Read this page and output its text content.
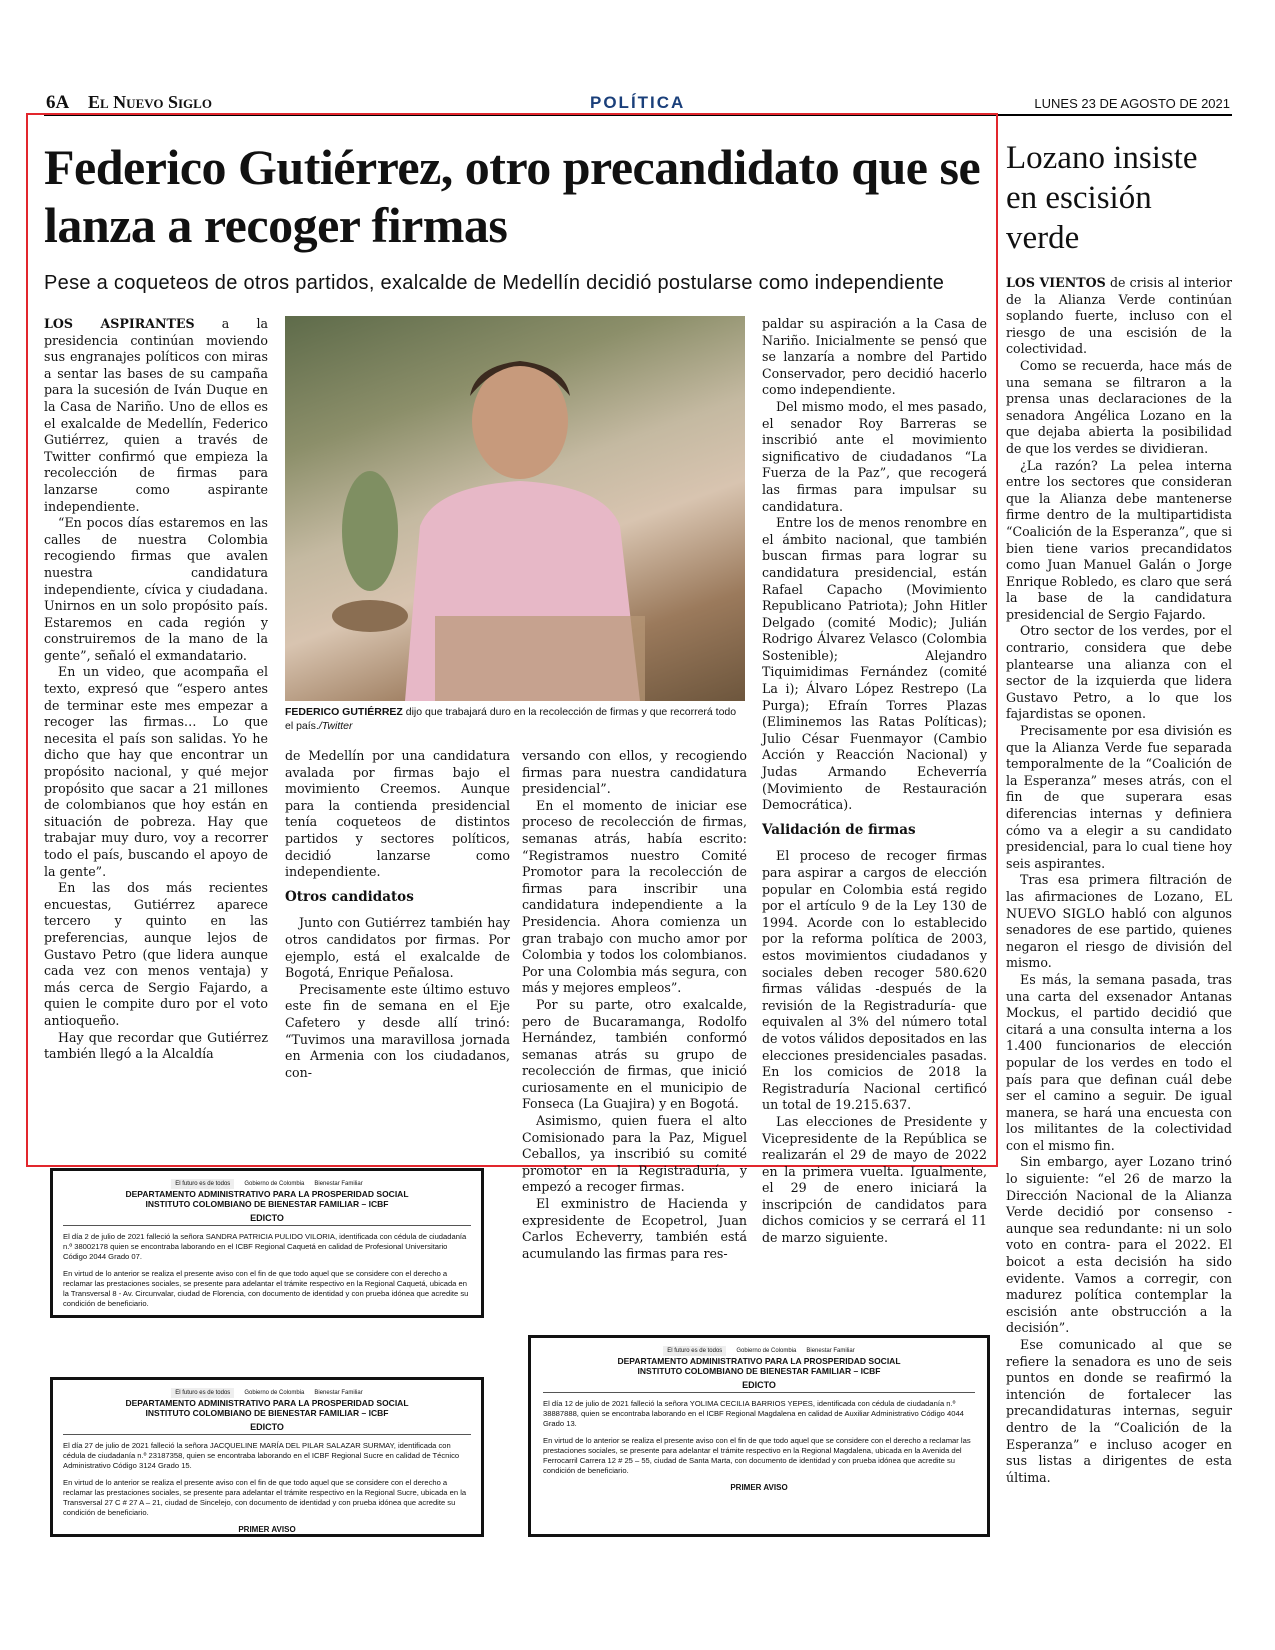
6A El Nuevo Siglo	POLÍTICA	LUNES 23 DE AGOSTO DE 2021
Federico Gutiérrez, otro precandidato que se lanza a recoger firmas
Pese a coqueteos de otros partidos, exalcalde de Medellín decidió postularse como independiente

LOS ASPIRANTES a la presidencia continúan moviendo sus engranajes políticos con miras a sentar las bases de su campaña para la sucesión de Iván Duque en la Casa de Nariño. Uno de ellos es el exalcalde de Medellín, Federico Gutiérrez, quien a través de Twitter confirmó que empieza la recolección de firmas para lanzarse como aspirante independiente.

“En pocos días estaremos en las calles de nuestra Colombia recogiendo firmas que avalen nuestra candidatura independiente, cívica y ciudadana. Unirnos en un solo propósito país. Estaremos en cada región y construiremos de la mano de la gente”, señaló el exmandatario.

En un video, que acompaña el texto, expresó que “espero antes de terminar este mes empezar a recoger las firmas… Lo que necesita el país son salidas. Yo he dicho que hay que encontrar un propósito nacional, y qué mejor propósito que sacar a 21 millones de colombianos que hoy están en situación de pobreza. Hay que trabajar muy duro, voy a recorrer todo el país, buscando el apoyo de la gente”.

En las dos más recientes encuestas, Gutiérrez aparece tercero y quinto en las preferencias, aunque lejos de Gustavo Petro (que lidera aunque cada vez con menos ventaja) y más cerca de Sergio Fajardo, a quien le compite duro por el voto antioqueño.

Hay que recordar que Gutiérrez también llegó a la Alcaldía

FEDERICO GUTIÉRREZ dijo que trabajará duro en la recolección de firmas y que recorrerá todo el país./Twitter

de Medellín por una candidatura avalada por firmas bajo el movimiento Creemos. Aunque para la contienda presidencial tenía coqueteos de distintos partidos y sectores políticos, decidió lanzarse como independiente.

Otros candidatos

Junto con Gutiérrez también hay otros candidatos por firmas. Por ejemplo, está el exalcalde de Bogotá, Enrique Peñalosa.

Precisamente este último estuvo este fin de semana en el Eje Cafetero y desde allí trinó: “Tuvimos una maravillosa jornada en Armenia con los ciudadanos, con-

versando con ellos, y recogiendo firmas para nuestra candidatura presidencial”.

En el momento de iniciar ese proceso de recolección de firmas, semanas atrás, había escrito: “Registramos nuestro Comité Promotor para la recolección de firmas para inscribir una candidatura independiente a la Presidencia. Ahora comienza un gran trabajo con mucho amor por Colombia y todos los colombianos. Por una Colombia más segura, con más y mejores empleos”.

Por su parte, otro exalcalde, pero de Bucaramanga, Rodolfo Hernández, también conformó semanas atrás su grupo de recolección de firmas, que inició curiosamente en el municipio de Fonseca (La Guajira) y en Bogotá.

Asimismo, quien fuera el alto Comisionado para la Paz, Miguel Ceballos, ya inscribió su comité promotor en la Registraduría, y empezó a recoger firmas.

El exministro de Hacienda y expresidente de Ecopetrol, Juan Carlos Echeverry, también está acumulando las firmas para res-

paldar su aspiración a la Casa de Nariño. Inicialmente se pensó que se lanzaría a nombre del Partido Conservador, pero decidió hacerlo como independiente.

Del mismo modo, el mes pasado, el senador Roy Barreras se inscribió ante el movimiento significativo de ciudadanos “La Fuerza de la Paz”, que recogerá las firmas para impulsar su candidatura.

Entre los de menos renombre en el ámbito nacional, que también buscan firmas para lograr su candidatura presidencial, están Rafael Capacho (Movimiento Republicano Patriota); John Hitler Delgado (comité Modic); Julián Rodrigo Álvarez Velasco (Colombia Sostenible); Alejandro Tiquimidimas Fernández (comité La i); Álvaro López Restrepo (La Purga); Efraín Torres Plazas (Eliminemos las Ratas Políticas); Julio César Fuenmayor (Cambio Acción y Reacción Nacional) y Judas Armando Echeverría (Movimiento de Restauración Democrática).

Validación de firmas

El proceso de recoger firmas para aspirar a cargos de elección popular en Colombia está regido por el artículo 9 de la Ley 130 de 1994. Acorde con lo establecido por la reforma política de 2003, estos movimientos ciudadanos y sociales deben recoger 580.620 firmas válidas -después de la revisión de la Registraduría- que equivalen al 3% del número total de votos válidos depositados en las elecciones presidenciales pasadas. En los comicios de 2018 la Registraduría Nacional certificó un total de 19.215.637.

Las elecciones de Presidente y Vicepresidente de la República se realizarán el 29 de mayo de 2022 en la primera vuelta. Igualmente, el 29 de enero iniciará la inscripción de candidatos para dichos comicios y se cerrará el 11 de marzo siguiente.

Lozano insiste en escisión verde

LOS VIENTOS de crisis al interior de la Alianza Verde continúan soplando fuerte, incluso con el riesgo de una escisión de la colectividad.

Como se recuerda, hace más de una semana se filtraron a la prensa unas declaraciones de la senadora Angélica Lozano en la que dejaba abierta la posibilidad de que los verdes se dividieran.

¿La razón? La pelea interna entre los sectores que consideran que la Alianza debe mantenerse firme dentro de la multipartidista “Coalición de la Esperanza”, que si bien tiene varios precandidatos como Juan Manuel Galán o Jorge Enrique Robledo, es claro que será la base de la candidatura presidencial de Sergio Fajardo.

Otro sector de los verdes, por el contrario, considera que debe plantearse una alianza con el sector de la izquierda que lidera Gustavo Petro, a lo que los fajardistas se oponen.

Precisamente por esa división es que la Alianza Verde fue separada temporalmente de la “Coalición de la Esperanza” meses atrás, con el fin de que superara esas diferencias internas y definiera cómo va a elegir a su candidato presidencial, para lo cual tiene hoy seis aspirantes.

Tras esa primera filtración de las afirmaciones de Lozano, EL NUEVO SIGLO habló con algunos senadores de ese partido, quienes negaron el riesgo de división del mismo.

Es más, la semana pasada, tras una carta del exsenador Antanas Mockus, el partido decidió que citará a una consulta interna a los 1.400 funcionarios de elección popular de los verdes en todo el país para que definan cuál debe ser el camino a seguir. De igual manera, se hará una encuesta con los militantes de la colectividad con el mismo fin.

Sin embargo, ayer Lozano trinó lo siguiente: “el 26 de marzo la Dirección Nacional de la Alianza Verde decidió por consenso -aunque sea redundante: ni un solo voto en contra- para el 2022. El boicot a esta decisión ha sido evidente. Vamos a corregir, con madurez política contemplar la escisión ante obstrucción a la decisión”.

Ese comunicado al que se refiere la senadora es uno de seis puntos en donde se reafirmó la intención de fortalecer las precandidaturas internas, seguir dentro de la “Coalición de la Esperanza” e incluso acoger en sus listas a dirigentes de esta última.

El futuro es de todos	Gobierno de Colombia Bienestar Familiar
DEPARTAMENTO ADMINISTRATIVO PARA LA PROSPERIDAD SOCIAL
INSTITUTO COLOMBIANO DE BIENESTAR FAMILIAR – ICBF
EDICTO

El día 2 de julio de 2021 falleció la señora SANDRA PATRICIA PULIDO VILORIA, identificada con cédula de ciudadanía n.º 38002178 quien se encontraba laborando en el ICBF Regional Caquetá en calidad de Profesional Universitario Código 2044 Grado 07.

En virtud de lo anterior se realiza el presente aviso con el fin de que todo aquel que se considere con el derecho a reclamar las prestaciones sociales, se presente para adelantar el trámite respectivo en la Regional Caquetá, ubicada en la Transversal 8 - Av. Circunvalar, ciudad de Florencia, con documento de identidad y con prueba idónea que acredite su condición de beneficiario.

El futuro es de todos	Gobierno de Colombia Bienestar Familiar
DEPARTAMENTO ADMINISTRATIVO PARA LA PROSPERIDAD SOCIAL
INSTITUTO COLOMBIANO DE BIENESTAR FAMILIAR – ICBF
EDICTO

El día 27 de julio de 2021 falleció la señora JACQUELINE MARÍA DEL PILAR SALAZAR SURMAY, identificada con cédula de ciudadanía n.º 23187358, quien se encontraba laborando en el ICBF Regional Sucre en calidad de Técnico Administrativo Código 3124 Grado 15.

En virtud de lo anterior se realiza el presente aviso con el fin de que todo aquel que se considere con el derecho a reclamar las prestaciones sociales, se presente para adelantar el trámite respectivo en la Regional Sucre, ubicada en la Transversal 27 C # 27 A – 21, ciudad de Sincelejo, con documento de identidad y con prueba idónea que acredite su condición de beneficiario.

PRIMER AVISO
El futuro es de todos	Gobierno de Colombia Bienestar Familiar
DEPARTAMENTO ADMINISTRATIVO PARA LA PROSPERIDAD SOCIAL
INSTITUTO COLOMBIANO DE BIENESTAR FAMILIAR – ICBF
EDICTO

El día 12 de julio de 2021 falleció la señora YOLIMA CECILIA BARRIOS YEPES, identificada con cédula de ciudadanía n.º 38887888, quien se encontraba laborando en el ICBF Regional Magdalena en calidad de Auxiliar Administrativo Código 4044 Grado 13.

En virtud de lo anterior se realiza el presente aviso con el fin de que todo aquel que se considere con el derecho a reclamar las prestaciones sociales, se presente para adelantar el trámite respectivo en la Regional Magdalena, ubicada en la Avenida del Ferrocarril Carrera 12 # 25 – 55, ciudad de Santa Marta, con documento de identidad y con prueba idónea que acredite su condición de beneficiario.

PRIMER AVISO
